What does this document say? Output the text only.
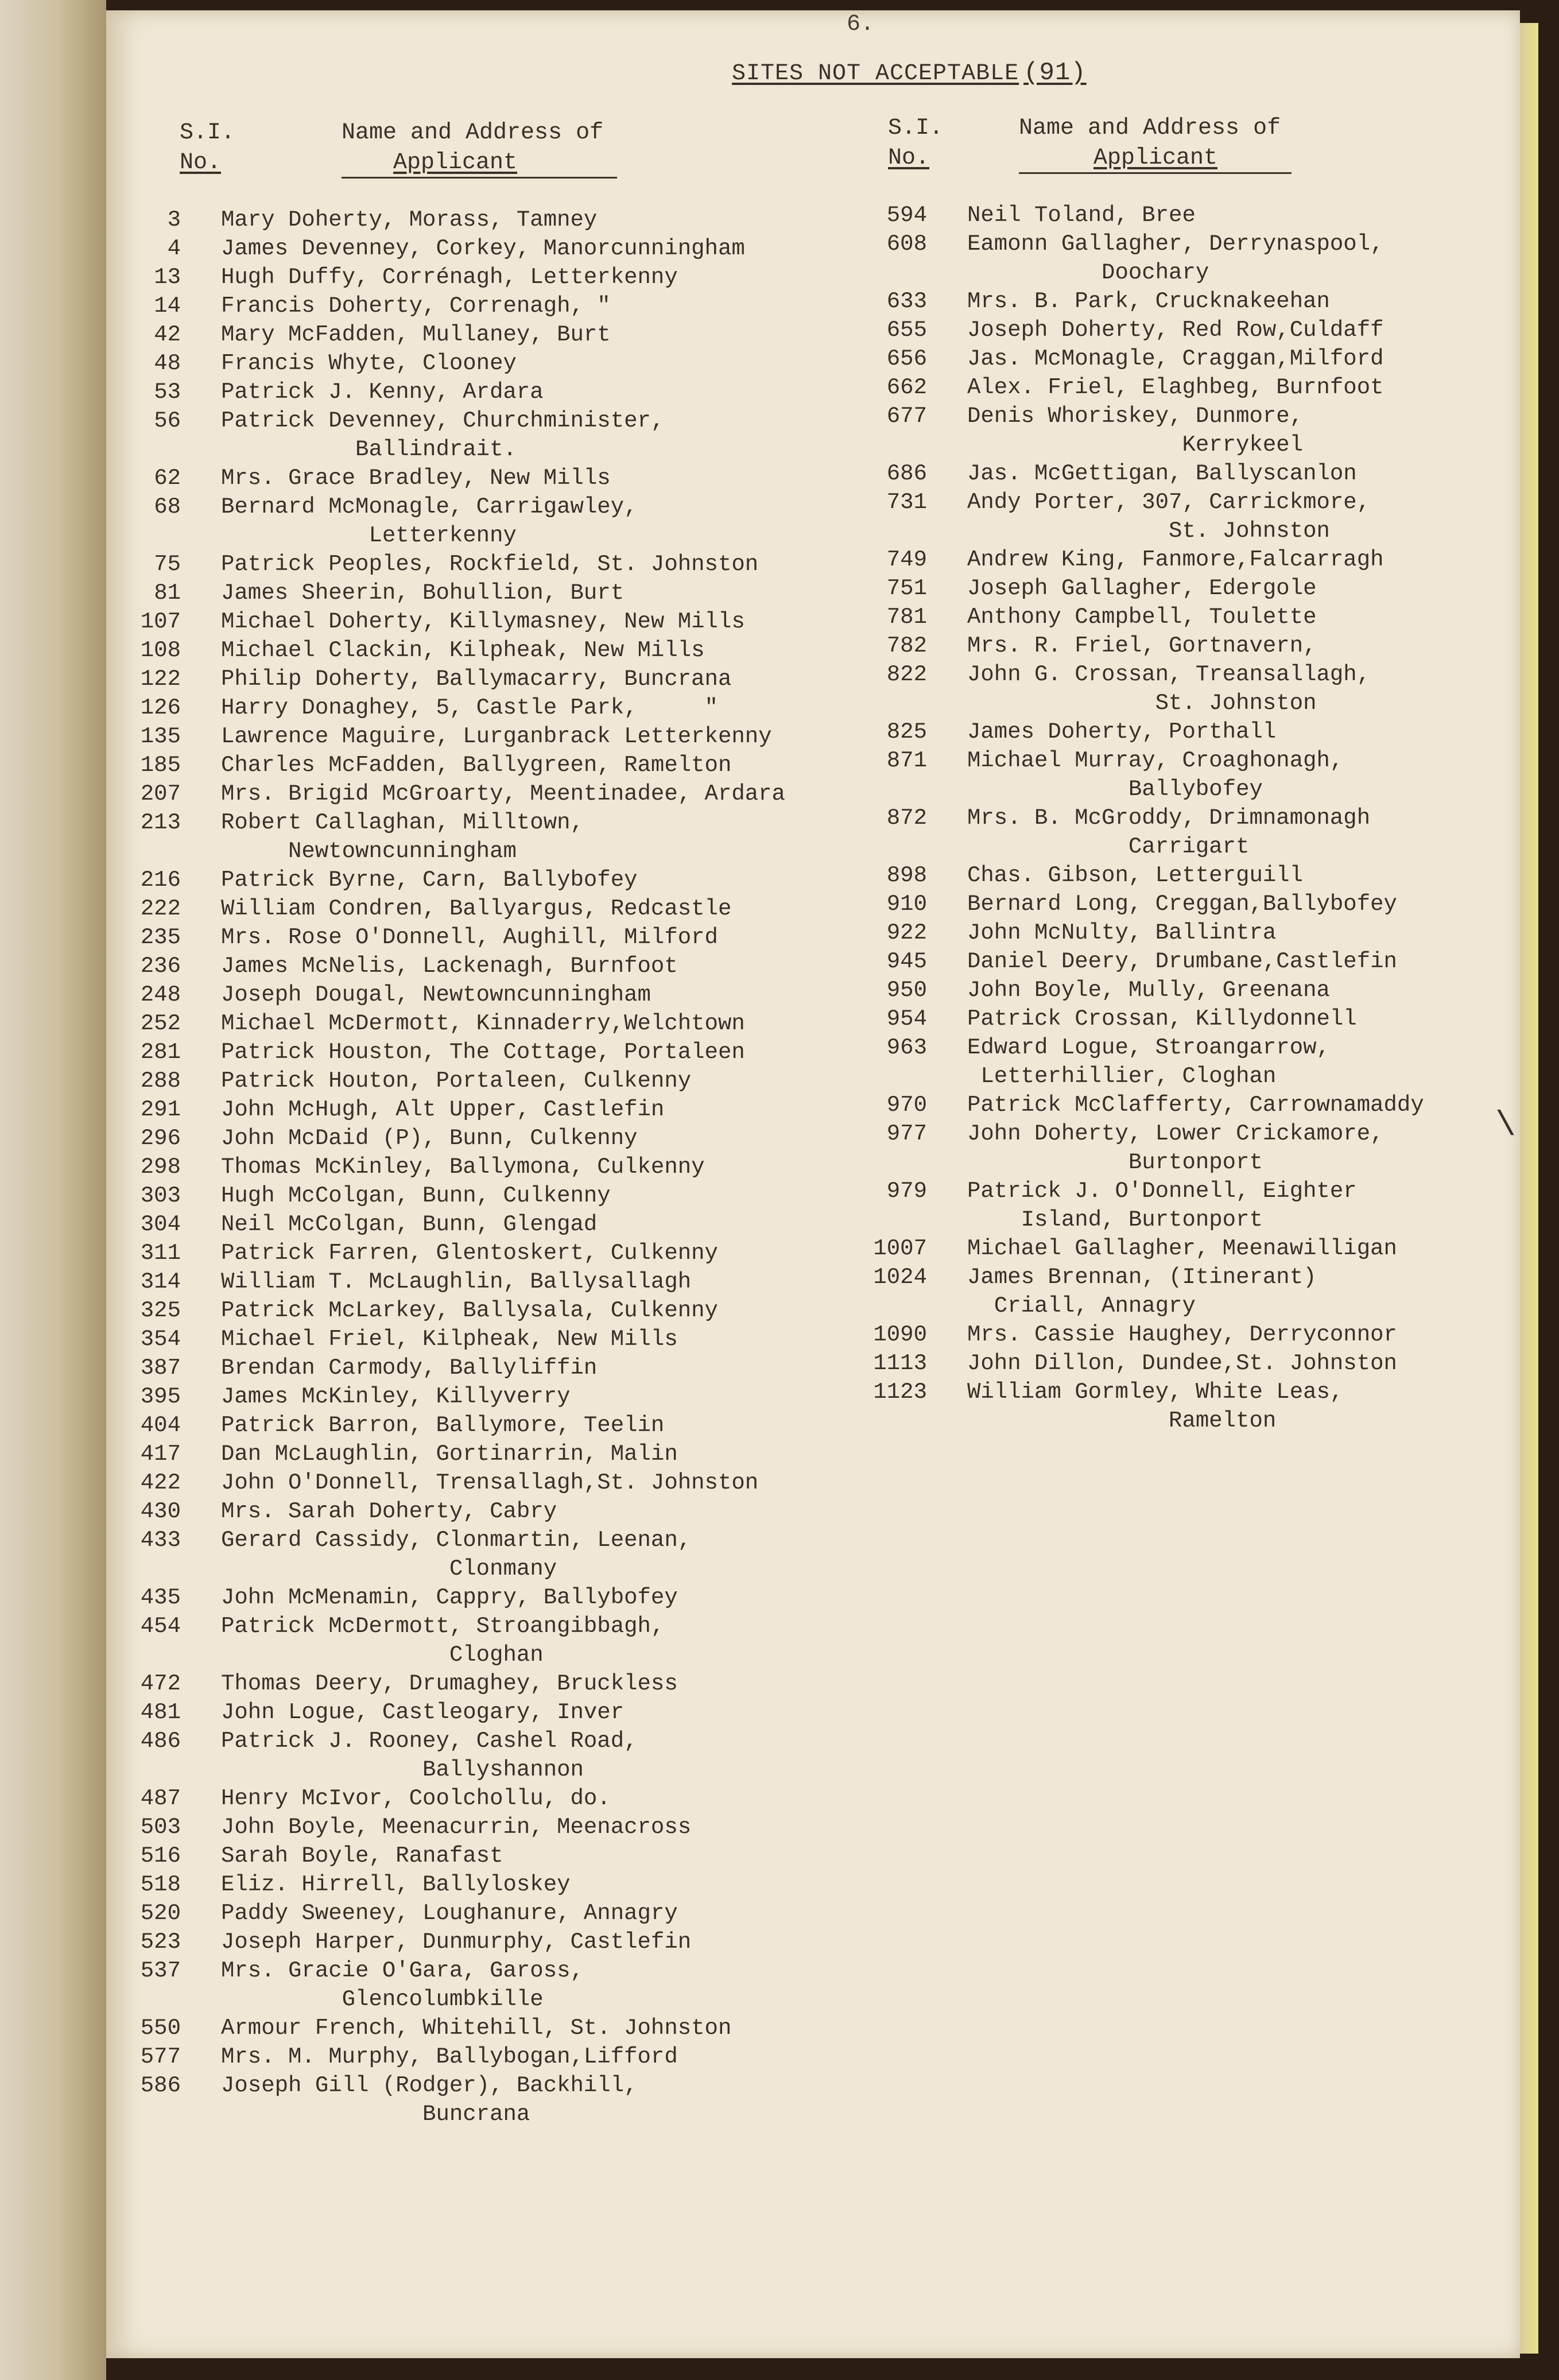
6.
SITES NOT ACCEPTABLE (91)
S.I.
No.
Name and Address of
Applicant
S.I.
No.
Name and Address of
Applicant
3 Mary Doherty, Morass, Tamney
4 James Devenney, Corkey, Manorcunningham
13 Hugh Duffy, Corrénagh, Letterkenny
14 Francis Doherty, Correnagh, "
42 Mary McFadden, Mullaney, Burt
48 Francis Whyte, Clooney
53 Patrick J. Kenny, Ardara
56 Patrick Devenney, Churchminister,
Ballindrait.
62 Mrs. Grace Bradley, New Mills
68 Bernard McMonagle, Carrigawley,
Letterkenny
75 Patrick Peoples, Rockfield, St. Johnston
81 James Sheerin, Bohullion, Burt
107 Michael Doherty, Killymasney, New Mills
108 Michael Clackin, Kilpheak, New Mills
122 Philip Doherty, Ballymacarry, Buncrana
126 Harry Donaghey, 5, Castle Park,     "
135 Lawrence Maguire, Lurganbrack Letterkenny
185 Charles McFadden, Ballygreen, Ramelton
207 Mrs. Brigid McGroarty, Meentinadee, Ardara
213 Robert Callaghan, Milltown,
Newtowncunningham
216 Patrick Byrne, Carn, Ballybofey
222 William Condren, Ballyargus, Redcastle
235 Mrs. Rose O'Donnell, Aughill, Milford
236 James McNelis, Lackenagh, Burnfoot
248 Joseph Dougal, Newtowncunningham
252 Michael McDermott, Kinnaderry,Welchtown
281 Patrick Houston, The Cottage, Portaleen
288 Patrick Houton, Portaleen, Culkenny
291 John McHugh, Alt Upper, Castlefin
296 John McDaid (P), Bunn, Culkenny
298 Thomas McKinley, Ballymona, Culkenny
303 Hugh McColgan, Bunn, Culkenny
304 Neil McColgan, Bunn, Glengad
311 Patrick Farren, Glentoskert, Culkenny
314 William T. McLaughlin, Ballysallagh
325 Patrick McLarkey, Ballysala, Culkenny
354 Michael Friel, Kilpheak, New Mills
387 Brendan Carmody, Ballyliffin
395 James McKinley, Killyverry
404 Patrick Barron, Ballymore, Teelin
417 Dan McLaughlin, Gortinarrin, Malin
422 John O'Donnell, Trensallagh,St. Johnston
430 Mrs. Sarah Doherty, Cabry
433 Gerard Cassidy, Clonmartin, Leenan,
Clonmany
435 John McMenamin, Cappry, Ballybofey
454 Patrick McDermott, Stroangibbagh,
Cloghan
472 Thomas Deery, Drumaghey, Bruckless
481 John Logue, Castleogary, Inver
486 Patrick J. Rooney, Cashel Road,
Ballyshannon
487 Henry McIvor, Coolchollu, do.
503 John Boyle, Meenacurrin, Meenacross
516 Sarah Boyle, Ranafast
518 Eliz. Hirrell, Ballyloskey
520 Paddy Sweeney, Loughanure, Annagry
523 Joseph Harper, Dunmurphy, Castlefin
537 Mrs. Gracie O'Gara, Gaross,
Glencolumbkille
550 Armour French, Whitehill, St. Johnston
577 Mrs. M. Murphy, Ballybogan,Lifford
586 Joseph Gill (Rodger), Backhill,
Buncrana
594 Neil Toland, Bree
608 Eamonn Gallagher, Derrynaspool,
Doochary
633 Mrs. B. Park, Crucknakeehan
655 Joseph Doherty, Red Row,Culdaff
656 Jas. McMonagle, Craggan,Milford
662 Alex. Friel, Elaghbeg, Burnfoot
677 Denis Whoriskey, Dunmore,
Kerrykeel
686 Jas. McGettigan, Ballyscanlon
731 Andy Porter, 307, Carrickmore,
St. Johnston
749 Andrew King, Fanmore,Falcarragh
751 Joseph Gallagher, Edergole
781 Anthony Campbell, Toulette
782 Mrs. R. Friel, Gortnavern,
822 John G. Crossan, Treansallagh,
St. Johnston
825 James Doherty, Porthall
871 Michael Murray, Croaghonagh,
Ballybofey
872 Mrs. B. McGroddy, Drimnamonagh
Carrigart
898 Chas. Gibson, Letterguill
910 Bernard Long, Creggan,Ballybofey
922 John McNulty, Ballintra
945 Daniel Deery, Drumbane,Castlefin
950 John Boyle, Mully, Greenana
954 Patrick Crossan, Killydonnell
963 Edward Logue, Stroangarrow,
Letterhillier, Cloghan
970 Patrick McClafferty, Carrownamaddy
977 John Doherty, Lower Crickamore,
Burtonport
979 Patrick J. O'Donnell, Eighter
Island, Burtonport
1007 Michael Gallagher, Meenawilligan
1024 James Brennan, (Itinerant)
Criall, Annagry
1090 Mrs. Cassie Haughey, Derryconnor
1113 John Dillon, Dundee,St. Johnston
1123 William Gormley, White Leas,
Ramelton
\
